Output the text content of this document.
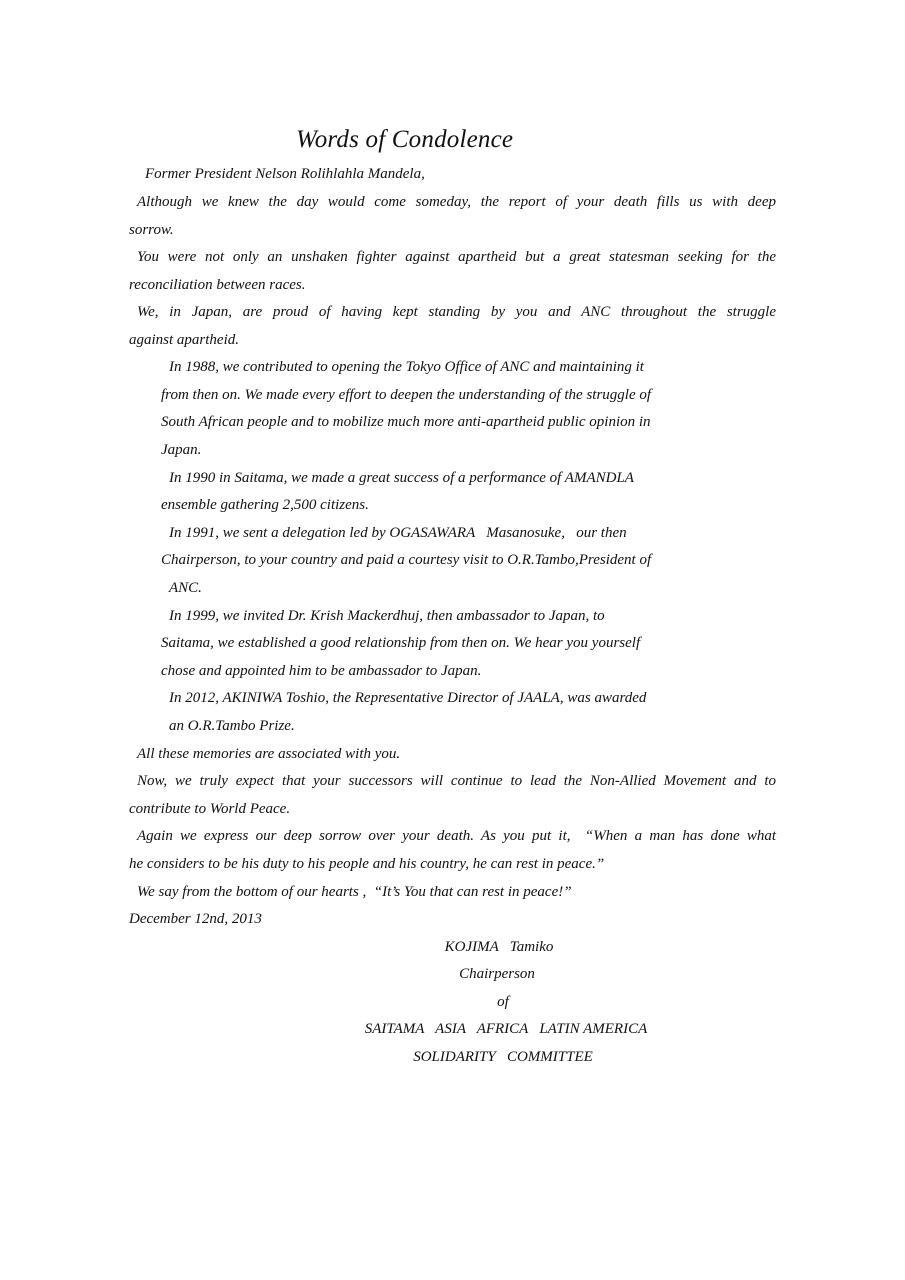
Words of Condolence
Former President Nelson Rolihlahla Mandela,
Although we knew the day would come someday, the report of your death fills us with deep
sorrow.
You were not only an unshaken fighter against apartheid but a great statesman seeking for the
reconciliation between races.
We, in Japan, are proud of having kept standing by you and ANC throughout the struggle
against apartheid.
In 1988, we contributed to opening the Tokyo Office of ANC and maintaining it
from then on. We made every effort to deepen the understanding of the struggle of
South African people and to mobilize much more anti-apartheid public opinion in
Japan.
In 1990 in Saitama, we made a great success of a performance of AMANDLA
ensemble gathering 2,500 citizens.
In 1991, we sent a delegation led by OGASAWARA   Masanosuke,   our then
Chairperson, to your country and paid a courtesy visit to O.R.Tambo,President of
ANC.
In 1999, we invited Dr. Krish Mackerdhuj, then ambassador to Japan, to
Saitama, we established a good relationship from then on. We hear you yourself
chose and appointed him to be ambassador to Japan.
In 2012, AKINIWA Toshio, the Representative Director of JAALA, was awarded
an O.R.Tambo Prize.
All these memories are associated with you.
Now, we truly expect that your successors will continue to lead the Non-Allied Movement and to
contribute to World Peace.
Again we express our deep sorrow over your death. As you put it,  “When a man has done what
he considers to be his duty to his people and his country, he can rest in peace.”
We say from the bottom of our hearts ,  “It’s You that can rest in peace!”
December 12nd, 2013
KOJIMA   Tamiko
Chairperson
of
SAITAMA   ASIA   AFRICA   LATIN AMERICA
SOLIDARITY   COMMITTEE
